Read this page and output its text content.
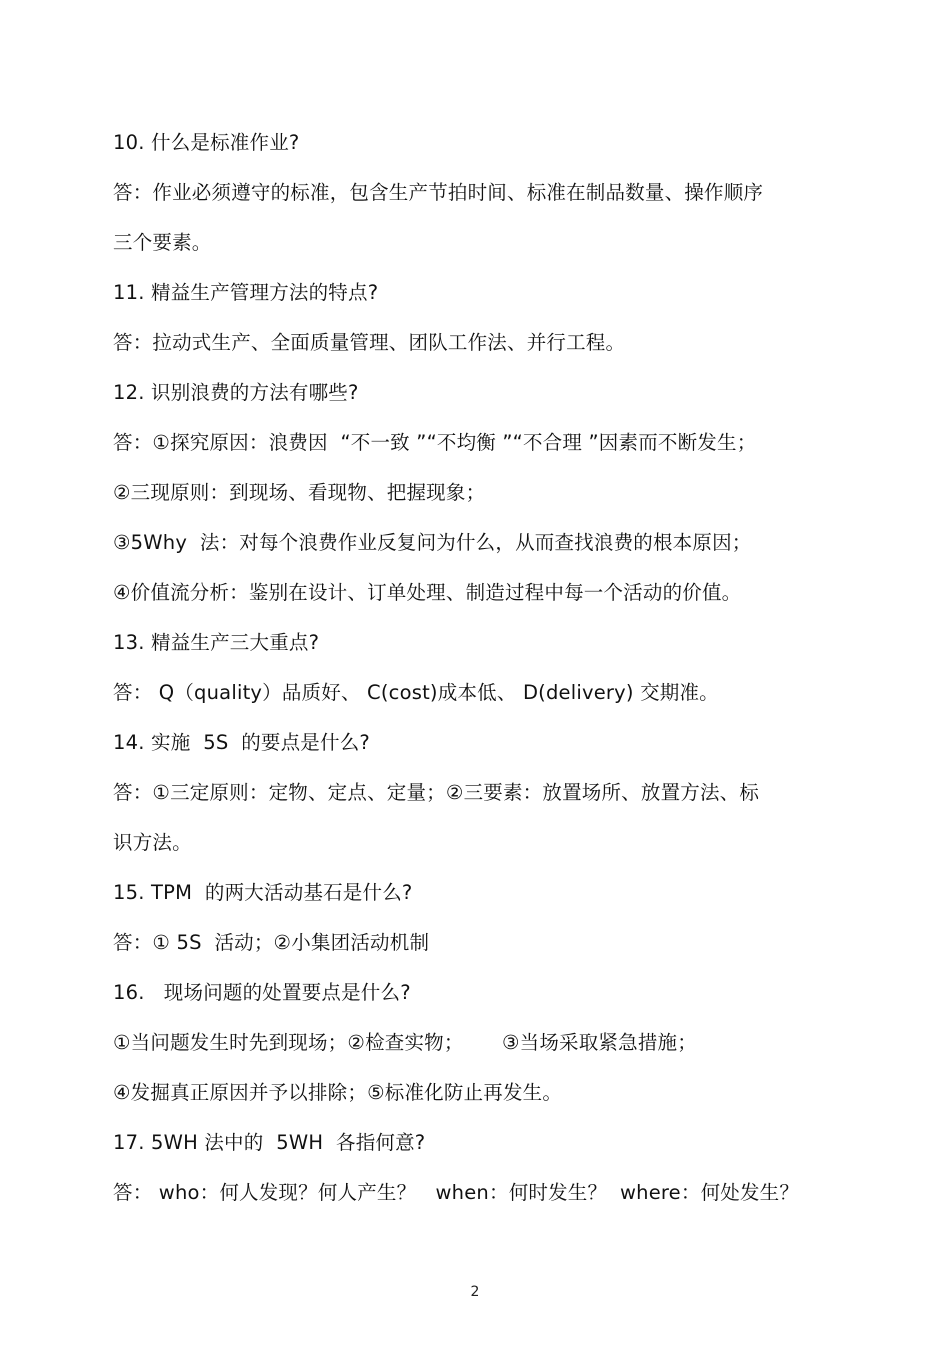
10. 什么是标准作业?
答：作业必须遵守的标准，包含生产节拍时间、标准在制品数量、操作顺序
三个要素。
11. 精益生产管理方法的特点?
答：拉动式生产、全面质量管理、团队工作法、并行工程。
12. 识别浪费的方法有哪些?
答：①探究原因：浪费因  “不一致 ”“不均衡 ”“不合理 ”因素而不断发生；
②三现原则：到现场、看现物、把握现象；
③5Why  法：对每个浪费作业反复问为什么，从而查找浪费的根本原因；
④价值流分析：鉴别在设计、订单处理、制造过程中每一个活动的价值。
13. 精益生产三大重点?
答： Q（quality）品质好、 C(cost)成本低、 D(delivery) 交期准。
14. 实施  5S  的要点是什么?
答：①三定原则：定物、定点、定量；②三要素：放置场所、放置方法、标
识方法。
15. TPM  的两大活动基石是什么?
答：① 5S  活动；②小集团活动机制
16.   现场问题的处置要点是什么?
①当问题发生时先到现场；②检查实物；      ③当场采取紧急措施；
④发掘真正原因并予以排除；⑤标准化防止再发生。
17. 5WH 法中的  5WH  各指何意?
答： who：何人发现？何人产生？   when：何时发生？  where：何处发生？
2
